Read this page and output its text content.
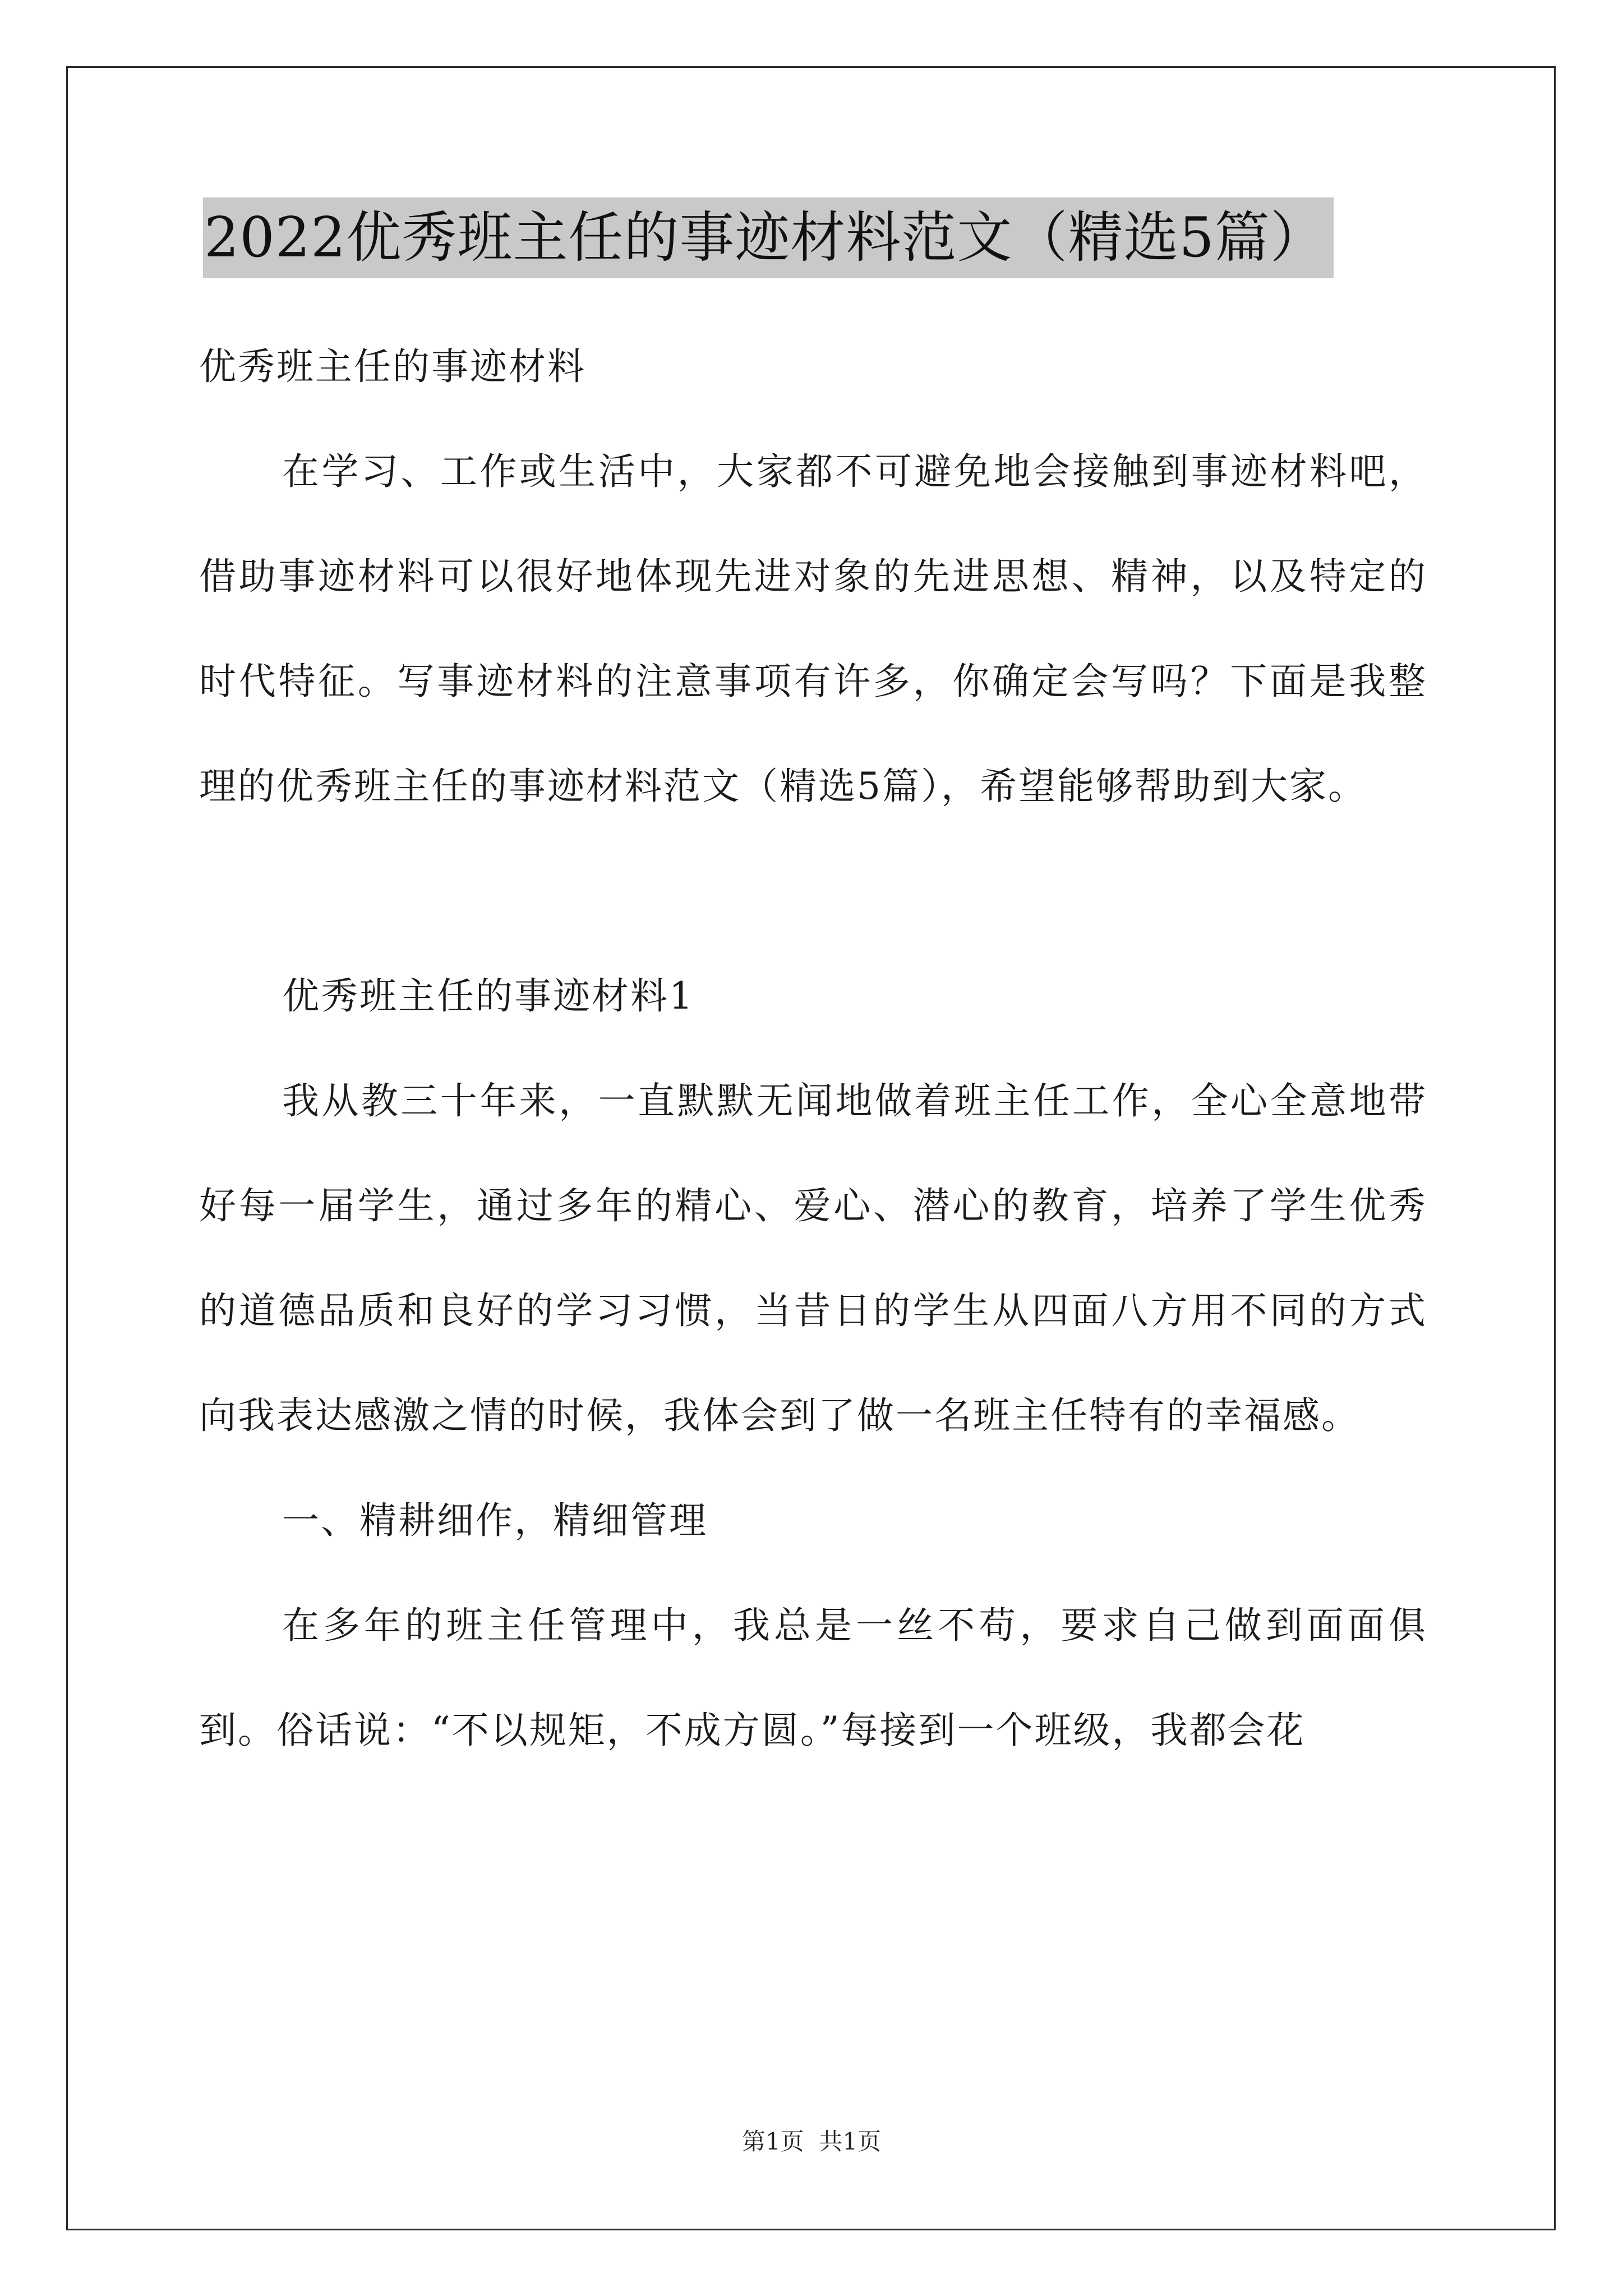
2022优秀班主任的事迹材料范文（精选5篇）

优秀班主任的事迹材料

在学习、工作或生活中，大家都不可避免地会接触到事迹材料吧，借助事迹材料可以很好地体现先进对象的先进思想、精神，以及特定的时代特征。写事迹材料的注意事项有许多，你确定会写吗？下面是我整理的优秀班主任的事迹材料范文（精选5篇），希望能够帮助到大家。

优秀班主任的事迹材料1

我从教三十年来，一直默默无闻地做着班主任工作，全心全意地带好每一届学生，通过多年的精心、爱心、潜心的教育，培养了学生优秀的道德品质和良好的学习习惯，当昔日的学生从四面八方用不同的方式向我表达感激之情的时候，我体会到了做一名班主任特有的幸福感。

一、精耕细作，精细管理

在多年的班主任管理中，我总是一丝不苟，要求自己做到面面俱到。俗话说：“不以规矩，不成方圆。”每接到一个班级，我都会花

第1页  共1页
